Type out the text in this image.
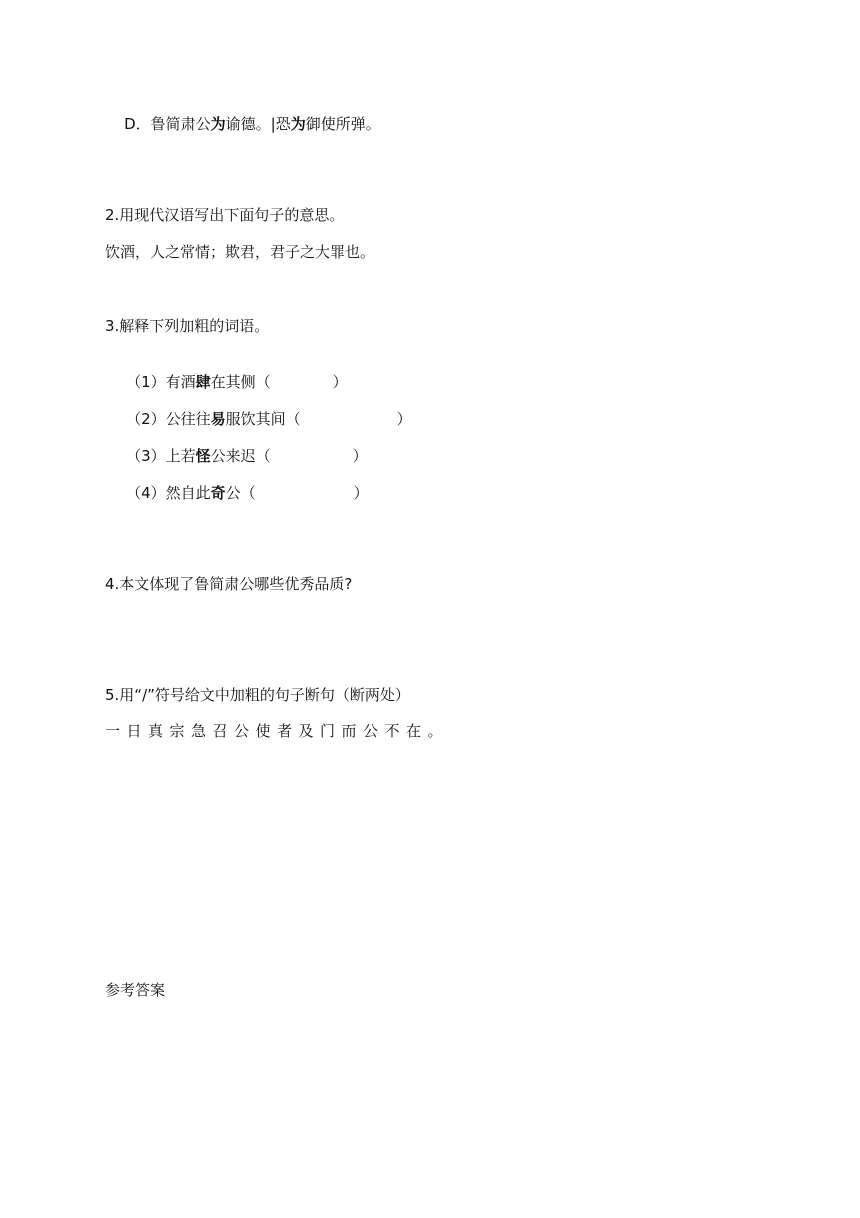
D．鲁简肃公为谕德。|恐为御使所弹。

2.用现代汉语写出下面句子的意思。
饮酒，人之常情；欺君，君子之大罪也。
3.解释下列加粗的词语。

（1）有酒肆在其侧（	）

（2）公往往易服饮其间（	）

（3）上若怪公来迟（	）

（4）然自此奇公（	）

4.本文体现了鲁简肃公哪些优秀品质?
5.用“/”符号给文中加粗的句子断句（断两处）
一日真宗急召公使者及门而公不在。
参考答案
